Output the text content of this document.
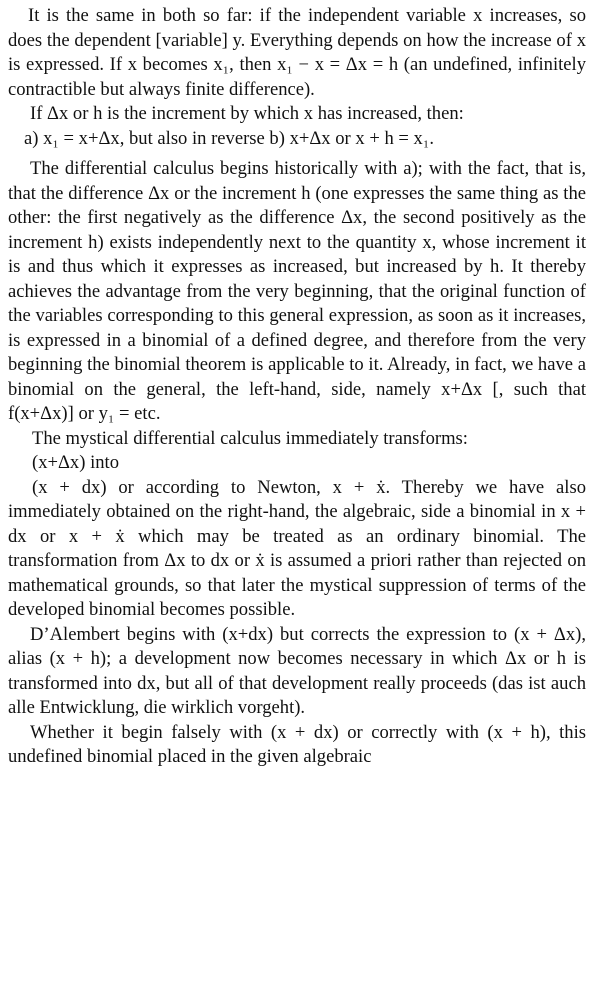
It is the same in both so far: if the independent variable x increases, so does the dependent [variable] y. Everything depends on how the increase of x is expressed. If x becomes x₁, then x₁ − x = Δx = h (an undefined, infinitely contractible but always finite difference).

If Δx or h is the increment by which x has increased, then:

a) x₁ = x+Δx, but also in reverse b) x+Δx or x + h = x₁.

The differential calculus begins historically with a); with the fact, that is, that the difference Δx or the increment h (one expresses the same thing as the other: the first negatively as the difference Δx, the second positively as the increment h) exists independently next to the quantity x, whose increment it is and thus which it expresses as increased, but increased by h. It thereby achieves the advantage from the very beginning, that the original function of the variables corresponding to this general expression, as soon as it increases, is expressed in a binomial of a defined degree, and therefore from the very beginning the binomial theorem is applicable to it. Already, in fact, we have a binomial on the general, the left-hand, side, namely x+Δx [, such that f(x+Δx)] or y₁ = etc.

The mystical differential calculus immediately transforms:

(x+Δx) into

(x + dx) or according to Newton, x + ẋ. Thereby we have also immediately obtained on the right-hand, the algebraic, side a binomial in x + dx or x + ẋ which may be treated as an ordinary binomial. The transformation from Δx to dx or ẋ is assumed a priori rather than rejected on mathematical grounds, so that later the mystical suppression of terms of the developed binomial becomes possible.

D’Alembert begins with (x+dx) but corrects the expression to (x + Δx), alias (x + h); a development now becomes necessary in which Δx or h is transformed into dx, but all of that development really proceeds (das ist auch alle Entwicklung, die wirklich vorgeht).

Whether it begin falsely with (x + dx) or correctly with (x + h), this undefined binomial placed in the given algebraic
